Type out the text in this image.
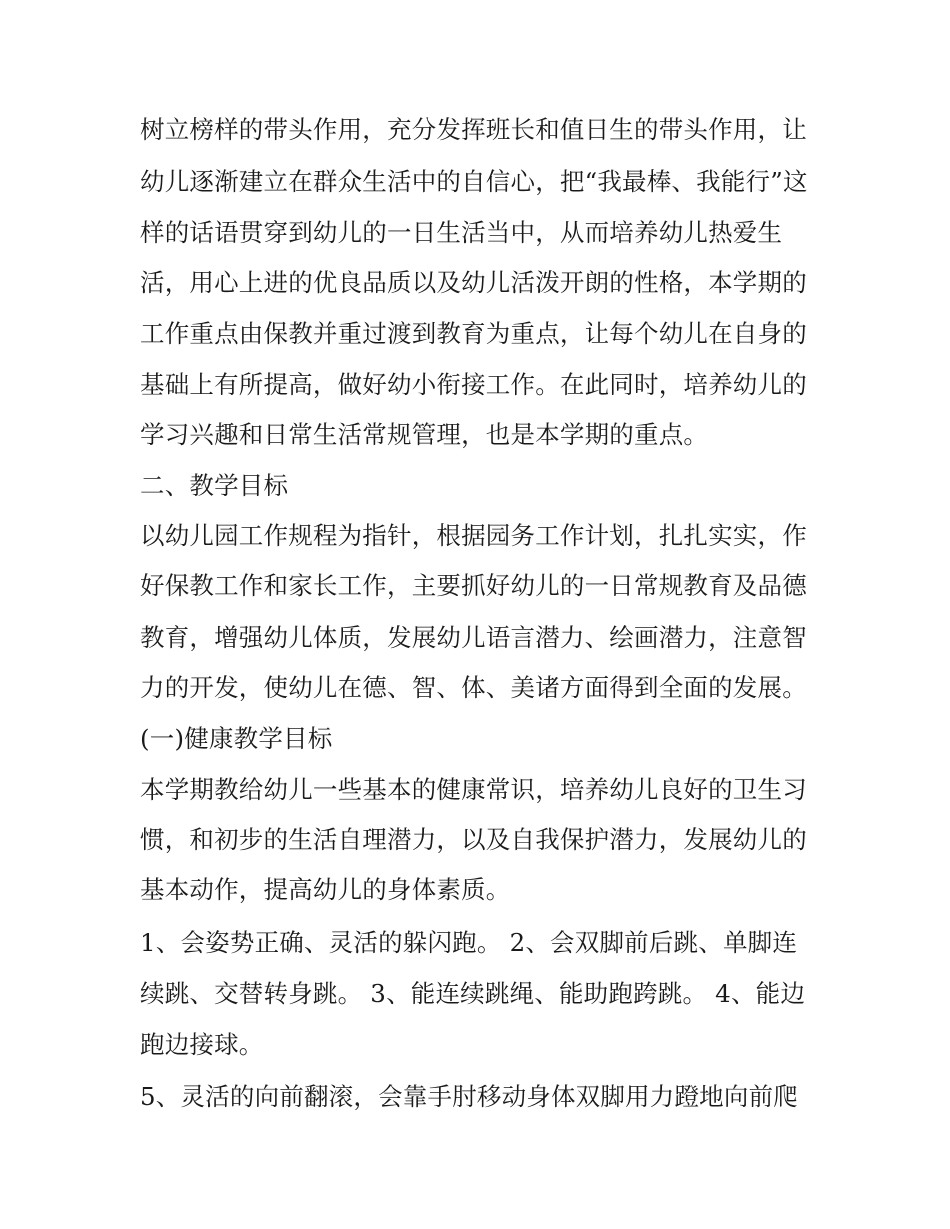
树立榜样的带头作用，充分发挥班长和值日生的带头作用，让
幼儿逐渐建立在群众生活中的自信心，把“我最棒、我能行”这
样的话语贯穿到幼儿的一日生活当中，从而培养幼儿热爱生
活，用心上进的优良品质以及幼儿活泼开朗的性格，本学期的
工作重点由保教并重过渡到教育为重点，让每个幼儿在自身的
基础上有所提高，做好幼小衔接工作。在此同时，培养幼儿的
学习兴趣和日常生活常规管理，也是本学期的重点。
二、教学目标
以幼儿园工作规程为指针，根据园务工作计划，扎扎实实，作
好保教工作和家长工作，主要抓好幼儿的一日常规教育及品德
教育，增强幼儿体质，发展幼儿语言潜力、绘画潜力，注意智
力的开发，使幼儿在德、智、体、美诸方面得到全面的发展。
(一)健康教学目标
本学期教给幼儿一些基本的健康常识，培养幼儿良好的卫生习
惯，和初步的生活自理潜力，以及自我保护潜力，发展幼儿的
基本动作，提高幼儿的身体素质。
1、会姿势正确、灵活的躲闪跑。 2、会双脚前后跳、单脚连
续跳、交替转身跳。 3、能连续跳绳、能助跑跨跳。 4、能边
跑边接球。
5、灵活的向前翻滚，会靠手肘移动身体双脚用力蹬地向前爬
